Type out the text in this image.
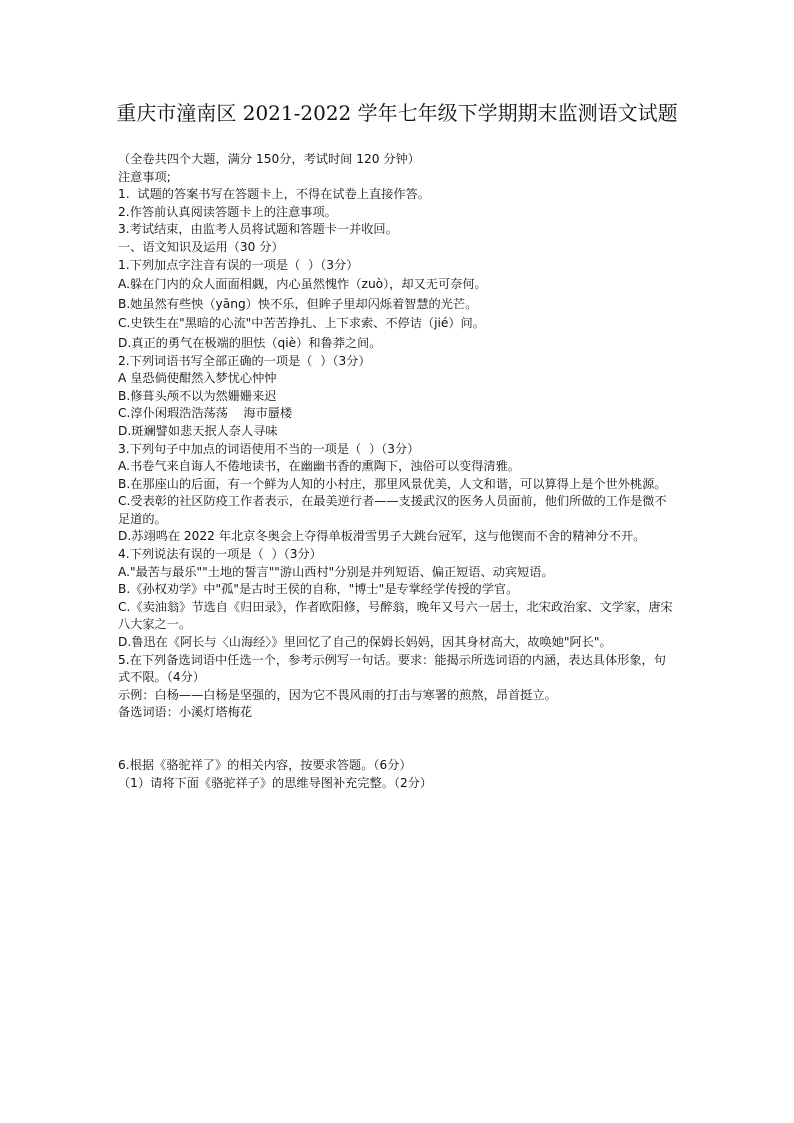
重庆市潼南区 2021-2022 学年七年级下学期期末监测语文试题

（全卷共四个大题，满分 150分，考试时间 120 分钟）

注意事项;

1.  试题的答案书写在答题卡上，不得在试卷上直接作答。

2.作答前认真阅读答题卡上的注意事项。

3.考试结束，由监考人员将试题和答题卡一并收回。

一、语文知识及运用（30 分）

1.下列加点字注音有误的一项是（  ）（3分）

A.躲在门内的众人面面相觑，内心虽然愧怍（zuò），却又无可奈何。

B.她虽然有些怏（yāng）怏不乐，但眸子里却闪烁着智慧的光芒。

C.史铁生在"黑暗的心流"中苦苦挣扎、上下求索、不停诘（jié）问。

D.真正的勇气在极端的胆怯（qiè）和鲁莽之间。

2.下列词语书写全部正确的一项是（  ）（3分）

A 皇恐倘使酣然入梦忧心忡忡

B.修葺头颅不以为然姗姗来迟

C.淳仆闲瑕浩浩荡荡    海市蜃楼

D.斑斓譬如悲天抿人奈人寻味

3.下列句子中加点的词语使用不当的一项是（  ）（3分）

A.书卷气来自诲人不倦地读书，在幽幽书香的熏陶下，浊俗可以变得清雅。

B.在那座山的后面，有一个鲜为人知的小村庄，那里风景优美，人文和谐，可以算得上是个世外桃源。

C.受表彰的社区防疫工作者表示，在最美逆行者——支援武汉的医务人员面前，他们所做的工作是微不足道的。

D.苏翊鸣在 2022 年北京冬奥会上夺得单板滑雪男子大跳台冠军，这与他锲而不舍的精神分不开。

4.下列说法有误的一项是（  ）（3分）

A."最苦与最乐""土地的誓言""游山西村"分别是并列短语、偏正短语、动宾短语。

B.《孙权劝学》中"孤"是古时王侯的自称，"博士"是专掌经学传授的学官。

C.《卖油翁》节选自《归田录》，作者欧阳修，号醉翁，晚年又号六一居士，北宋政治家、文学家，唐宋八大家之一。

D.鲁迅在《阿长与〈山海经〉》里回忆了自己的保姆长妈妈，因其身材高大，故唤她"阿长"。

5.在下列备选词语中任选一个，参考示例写一句话。要求：能揭示所选词语的内涵，表达具体形象，句式不限。（4分）

示例：白杨——白杨是坚强的，因为它不畏风雨的打击与寒署的煎熬，昂首挺立。

备选词语：小溪灯塔梅花

6.根据《骆驼祥了》的相关内容，按要求答题。（6分）

（1）请将下面《骆驼祥子》的思维导图补充完整。（2分）
